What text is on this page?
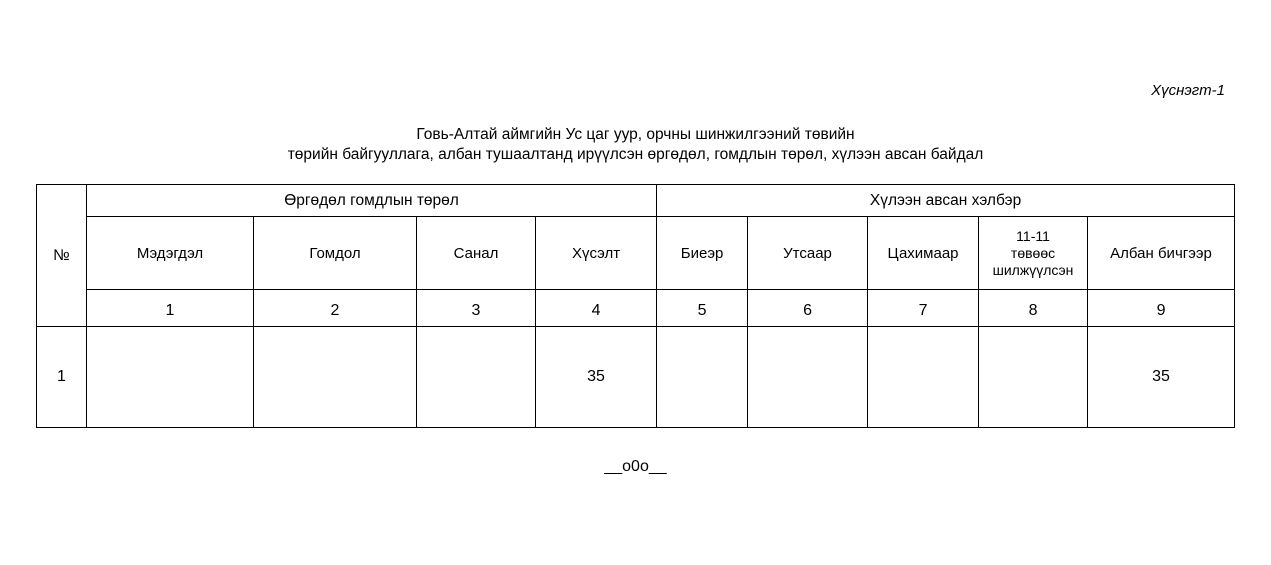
Хүснэгт-1
Говь-Алтай аймгийн Ус цаг уур, орчны шинжилгээний төвийн
төрийн байгууллага, албан тушаалтанд ирүүлсэн өргөдөл, гомдлын төрөл, хүлээн авсан байдал
№	Өргөдөл гомдлын төрөл				Хүлээн авсан хэлбэр				
	Мэдэгдэл	Гомдол	Санал	Хүсэлт	Биеэр	Утсаар	Цахимаар	11-11
төвөөс
шилжүүлсэн	Албан бичгээр
	1	2	3	4	5	6	7	8	9
1				35					35
__o0o__
